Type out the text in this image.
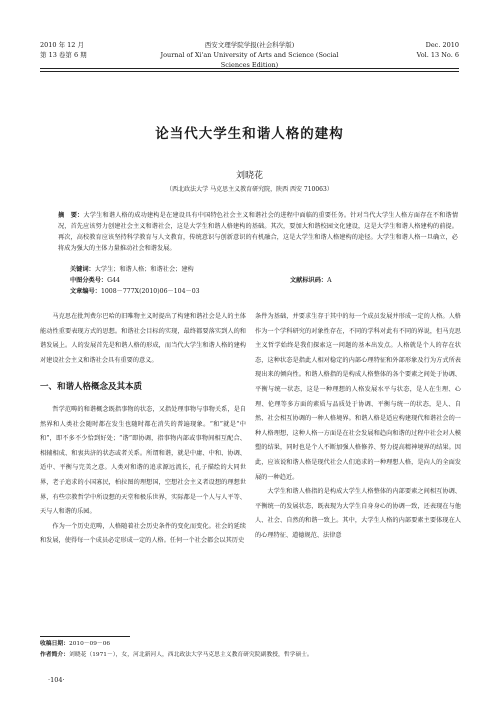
2010 年 12 月
第 13 卷第 6 期
西安文理学院学报(社会科学版)
Journal of Xi'an University of Arts and Science (Social Sciences Edition)
Dec. 2010
Vol. 13 No. 6
论当代大学生和谐人格的建构
刘晓花
（西北政法大学 马克思主义教育研究院，陕西 西安 710063）
摘　要：大学生和谐人格的成功建构是在建设具有中国特色社会主义和谐社会的进程中面临的重要任务。针对当代大学生人格方面存在不和谐情况，首先应该努力创建社会主义和谐社会，这是大学生和谐人格建构的基础。其次，要加大和谐校园文化建设，这是大学生和谐人格建构的前提。再次，高校教育应该坚持科学教育与人文教育，传统意识与创新意识的有机融合，这是大学生和谐人格建构的途径。大学生和谐人格一旦确立，必将成为强大的主体力量推动社会和谐发展。
关键词：大学生；和谐人格；和谐社会；建构
中图分类号：G44	文献标识码：A
文章编号：1008－777X(2010)06－104－03

马克思在批判费尔巴哈的旧唯物主义时提出了构建和谐社会是人的主体能动性重要表现方式的思想。和谐社会目标的实现，最终都要落实到人的和谐发展上。人的发展首先是和谐人格的形成，而当代大学生和谐人格的建构对建设社会主义和谐社会具有重要的意义。

一、和谐人格概念及其本质

哲学范畴的和谐概念既指事物的状态，又指处理事物与事物关系，是自然界和人类社会随时都在发生也随时都在消失的普遍现象。“和”就是“中和”，即不多不少恰到好处；“谐”即协调，指事物内部或事物间相互配合、相辅相成、和衷共济的状态或者关系。所谓和谐，就是中庸、中和、协调、适中、平衡与完美之意。人类对和谐的追求源远流长，孔子描绘的大同世界，老子追求的小国寡民，柏拉图的理想国，空想社会主义者设想的理想世界，有些宗教哲学中所设想的天堂和极乐世界，实际都是一个人与人平等、天与人和谐的乐园。

作为一个历史范畴，人格随着社会历史条件的变化而变化。社会的延续和发展，使得每一个成员必定形成一定的人格。任何一个社会都会以其历史

条件为基础，并要求生存于其中的每一个成员发展并形成一定的人格。人格作为一个学科研究的对象性存在，不同的学科对此有不同的界说，但马克思主义哲学始终是我们探索这一问题的基本出发点。人格就是个人的存在状态，这种状态是指此人相对稳定的内部心理特征和外部形象及行为方式所表现出来的倾向性。和谐人格指的是构成人格整体的各个要素之间处于协调、平衡与统一状态，这是一种理想的人格发展水平与状态，是人在生理、心理、伦理等多方面的素质与品质处于协调、平衡与统一的状态，是人、自然、社会相互协调的一种人格境界。和谐人格是适应构建现代和谐社会的一种人格理想，这种人格一方面是在社会发展和趋向和谐的过程中社会对人模塑的结果，同时也是个人不断加强人格修养、努力提高精神境界的结果。因此，应该说和谐人格是现代社会人们追求的一种理想人格，是向人的全面发展的一种趋近。

大学生和谐人格指的是构成大学生人格整体的内部要素之间相互协调、平衡统一的发展状态，既表现为大学生自身身心的协调一致，还表现在与他人、社会、自然的和谐一致上。其中，大学生人格的内部要素主要体现在人的心理特征、道德规范、法律意

收稿日期：2010－09－06
作者简介：刘晓花（1971－），女，河北新河人，西北政法大学马克思主义教育研究院副教授，哲学硕士。
·104·
